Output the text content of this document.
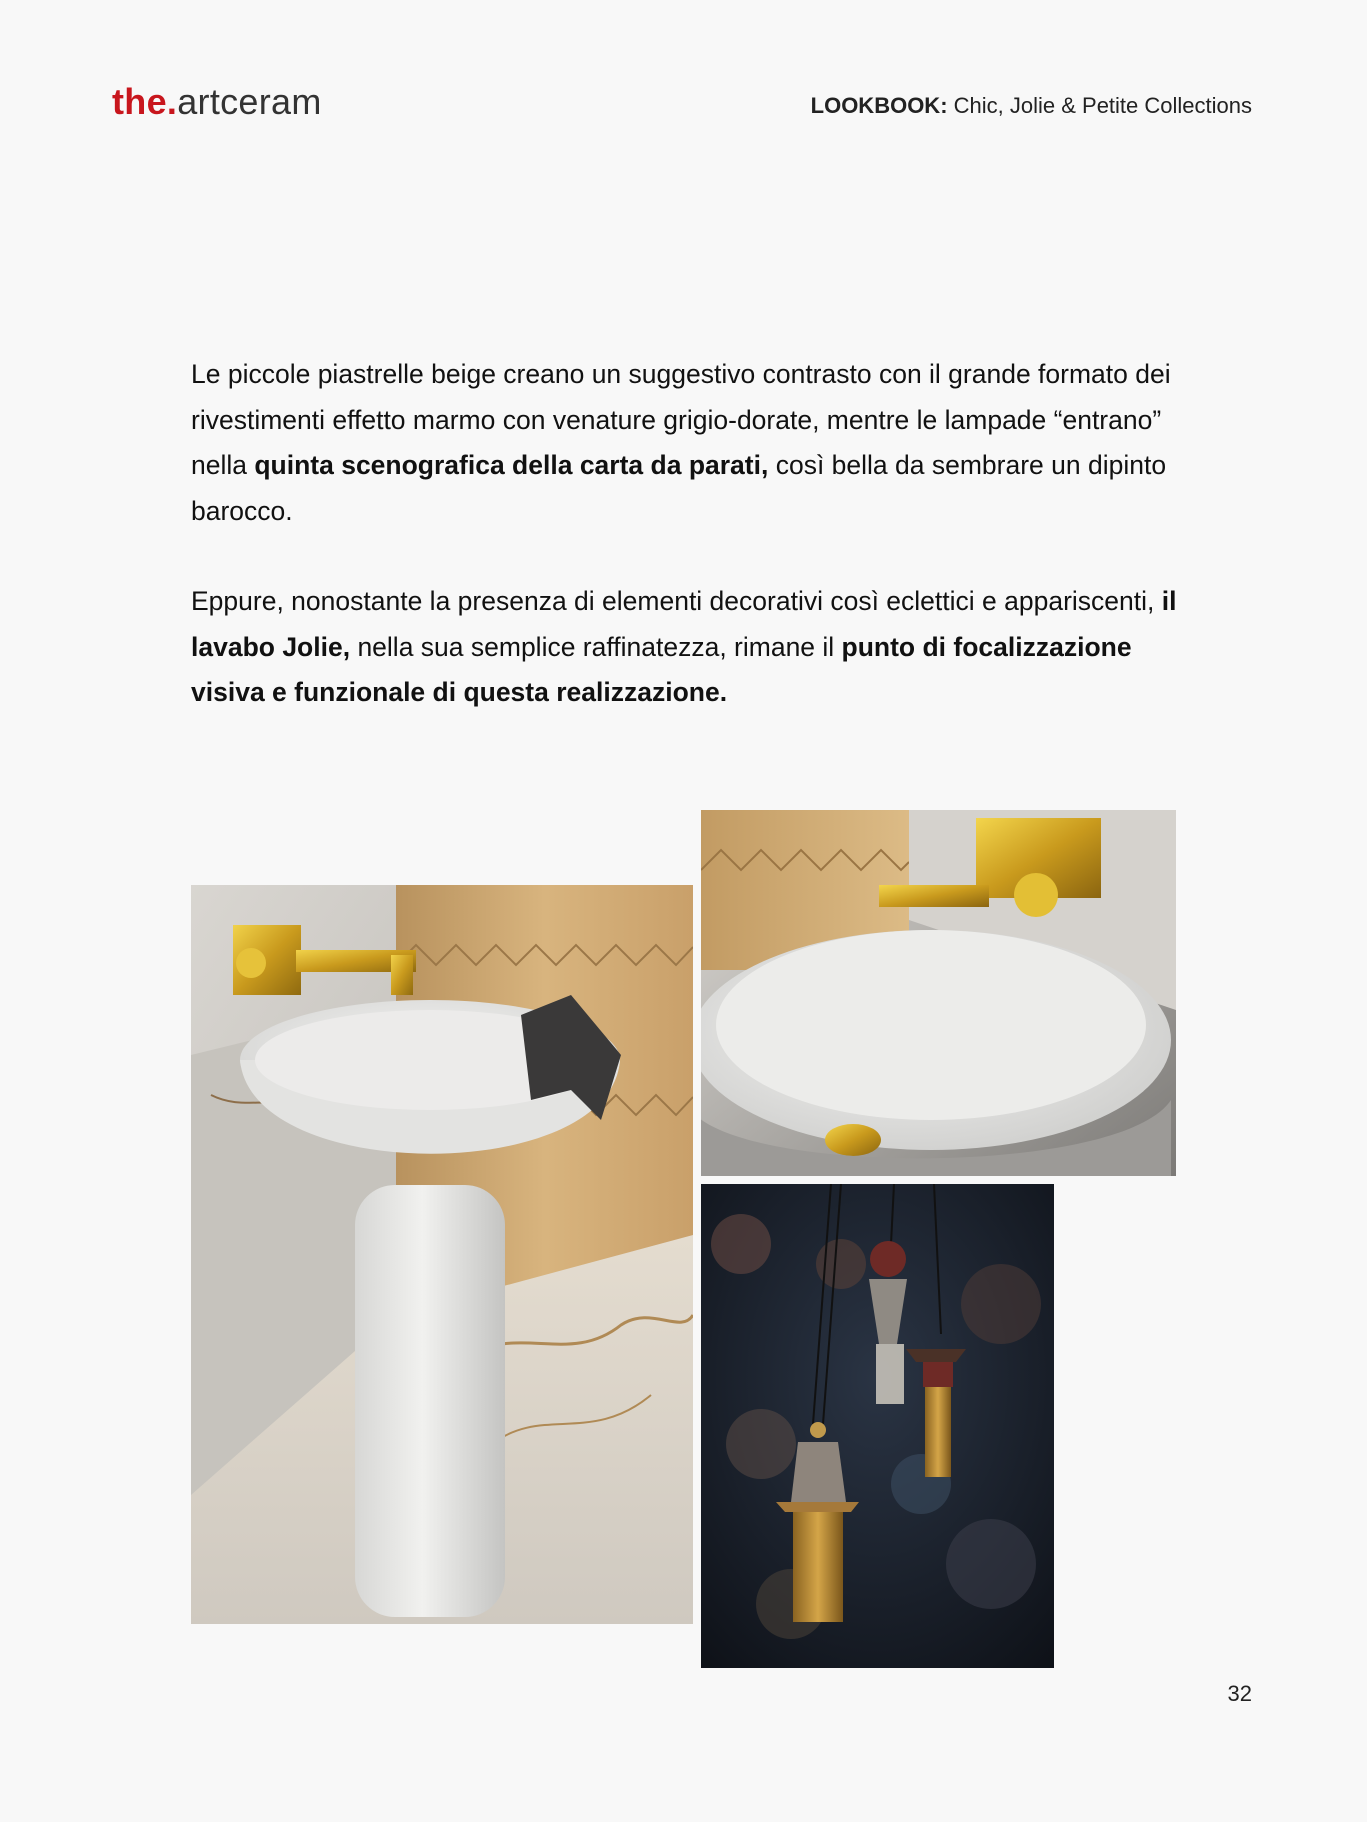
the.artceram	LOOKBOOK: Chic, Jolie & Petite Collections

Le piccole piastrelle beige creano un suggestivo contrasto con il grande formato dei rivestimenti effetto marmo con venature grigio-dorate, mentre le lampade “entrano” nella quinta scenografica della carta da parati, così bella da sembrare un dipinto barocco.

Eppure, nonostante la presenza di elementi decorativi così eclettici e appariscenti, il lavabo Jolie, nella sua semplice raffinatezza, rimane il punto di focalizzazione visiva e funzionale di questa realizzazione.

32
